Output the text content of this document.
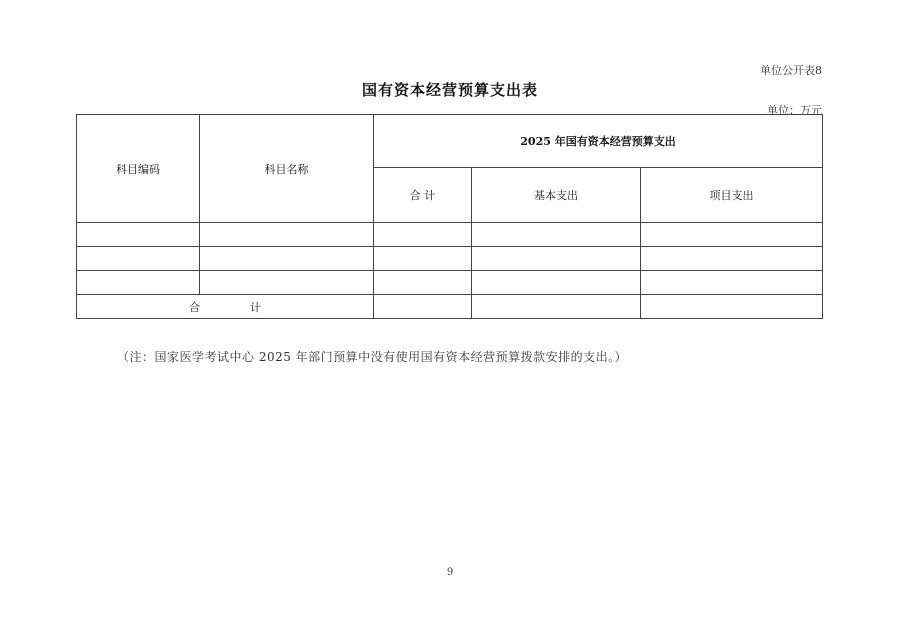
单位公开表8
国有资本经营预算支出表
单位：万元
科目编码	科目名称	2025 年国有资本经营预算支出		
		合 计	基本支出	项目支出

合 计				
（注：国家医学考试中心 2025 年部门预算中没有使用国有资本经营预算拨款安排的支出。）
9
